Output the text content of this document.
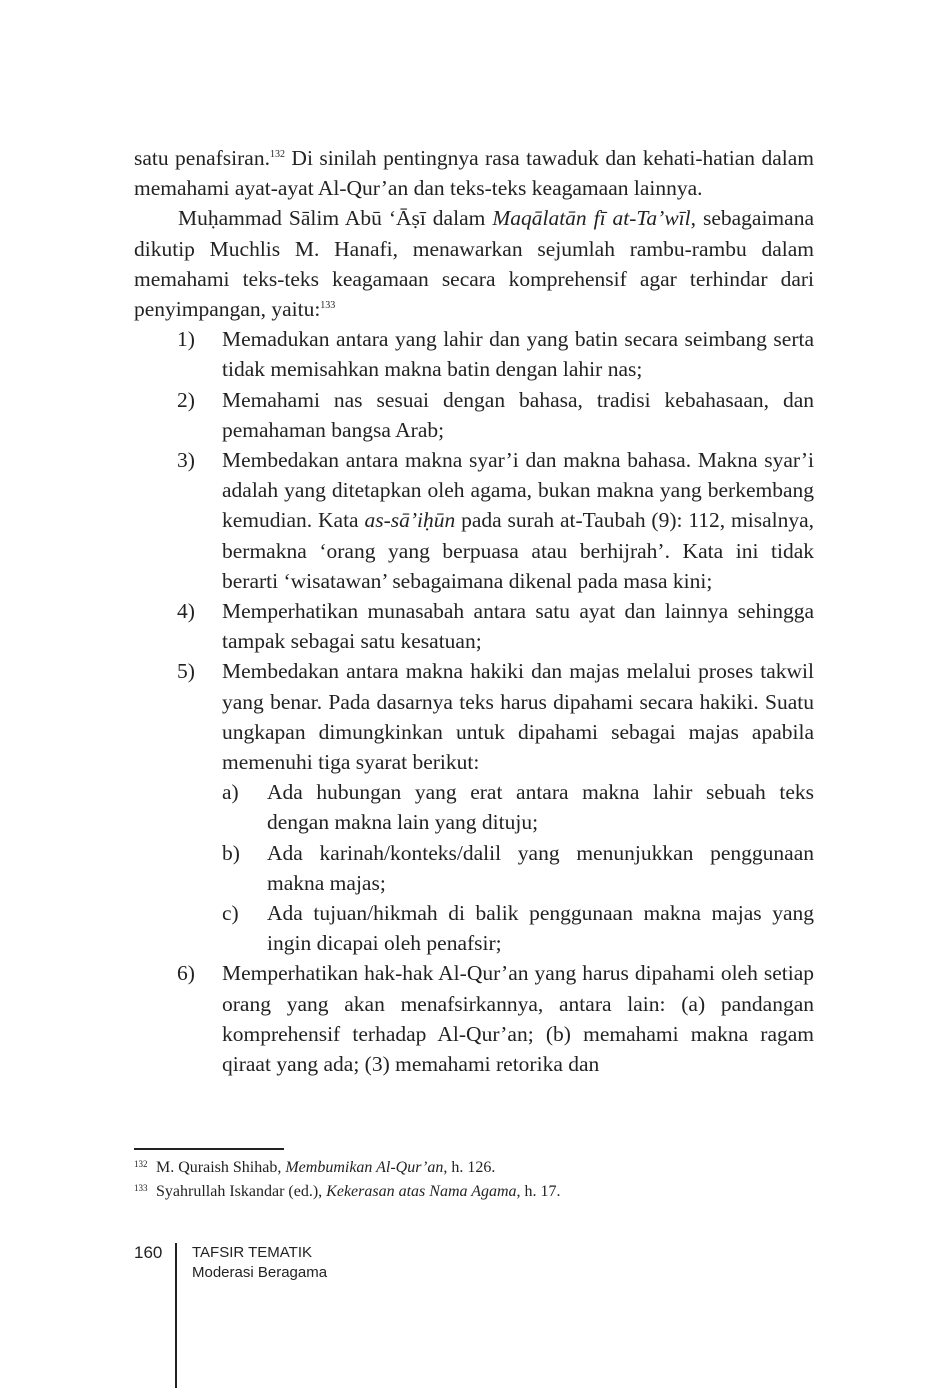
satu penafsiran.$^{132}$ Di sinilah pentingnya rasa tawaduk dan kehati-hatian dalam memahami ayat-ayat Al-Qur’an dan teks-teks keagamaan lainnya.

Muḥammad Sālim Abū ‘Āṣī dalam Maqālatān fī at-Ta’wīl, sebagaimana dikutip Muchlis M. Hanafi, menawarkan sejumlah rambu-rambu dalam memahami teks-teks keagamaan secara komprehensif agar terhindar dari penyimpangan, yaitu:$^{133}$

1) Memadukan antara yang lahir dan yang batin secara seimbang serta tidak memisahkan makna batin dengan lahir nas;
2) Memahami nas sesuai dengan bahasa, tradisi kebahasaan, dan pemahaman bangsa Arab;
3) Membedakan antara makna syar’i dan makna bahasa. Makna syar’i adalah yang ditetapkan oleh agama, bukan makna yang berkembang kemudian. Kata as-sā’iḥūn pada surah at-Taubah (9): 112, misalnya, bermakna ‘orang yang berpuasa atau berhijrah’. Kata ini tidak berarti ‘wisatawan’ sebagaimana dikenal pada masa kini;
4) Memperhatikan munasabah antara satu ayat dan lainnya sehingga tampak sebagai satu kesatuan;
5) Membedakan antara makna hakiki dan majas melalui proses takwil yang benar. Pada dasarnya teks harus dipahami secara hakiki. Suatu ungkapan dimungkinkan untuk dipahami sebagai majas apabila memenuhi tiga syarat berikut:
a) Ada hubungan yang erat antara makna lahir sebuah teks dengan makna lain yang dituju;
b) Ada karinah/konteks/dalil yang menunjukkan penggunaan makna majas;
c) Ada tujuan/hikmah di balik penggunaan makna majas yang ingin dicapai oleh penafsir;
6) Memperhatikan hak-hak Al-Qur’an yang harus dipahami oleh setiap orang yang akan menafsirkannya, antara lain: (a) pandangan komprehensif terhadap Al-Qur’an; (b) memahami makna ragam qiraat yang ada; (3) memahami retorika dan
132 M. Quraish Shihab, Membumikan Al-Qur’an, h. 126.
133 Syahrullah Iskandar (ed.), Kekerasan atas Nama Agama, h. 17.
160 TAFSIR TEMATIK
Moderasi Beragama
